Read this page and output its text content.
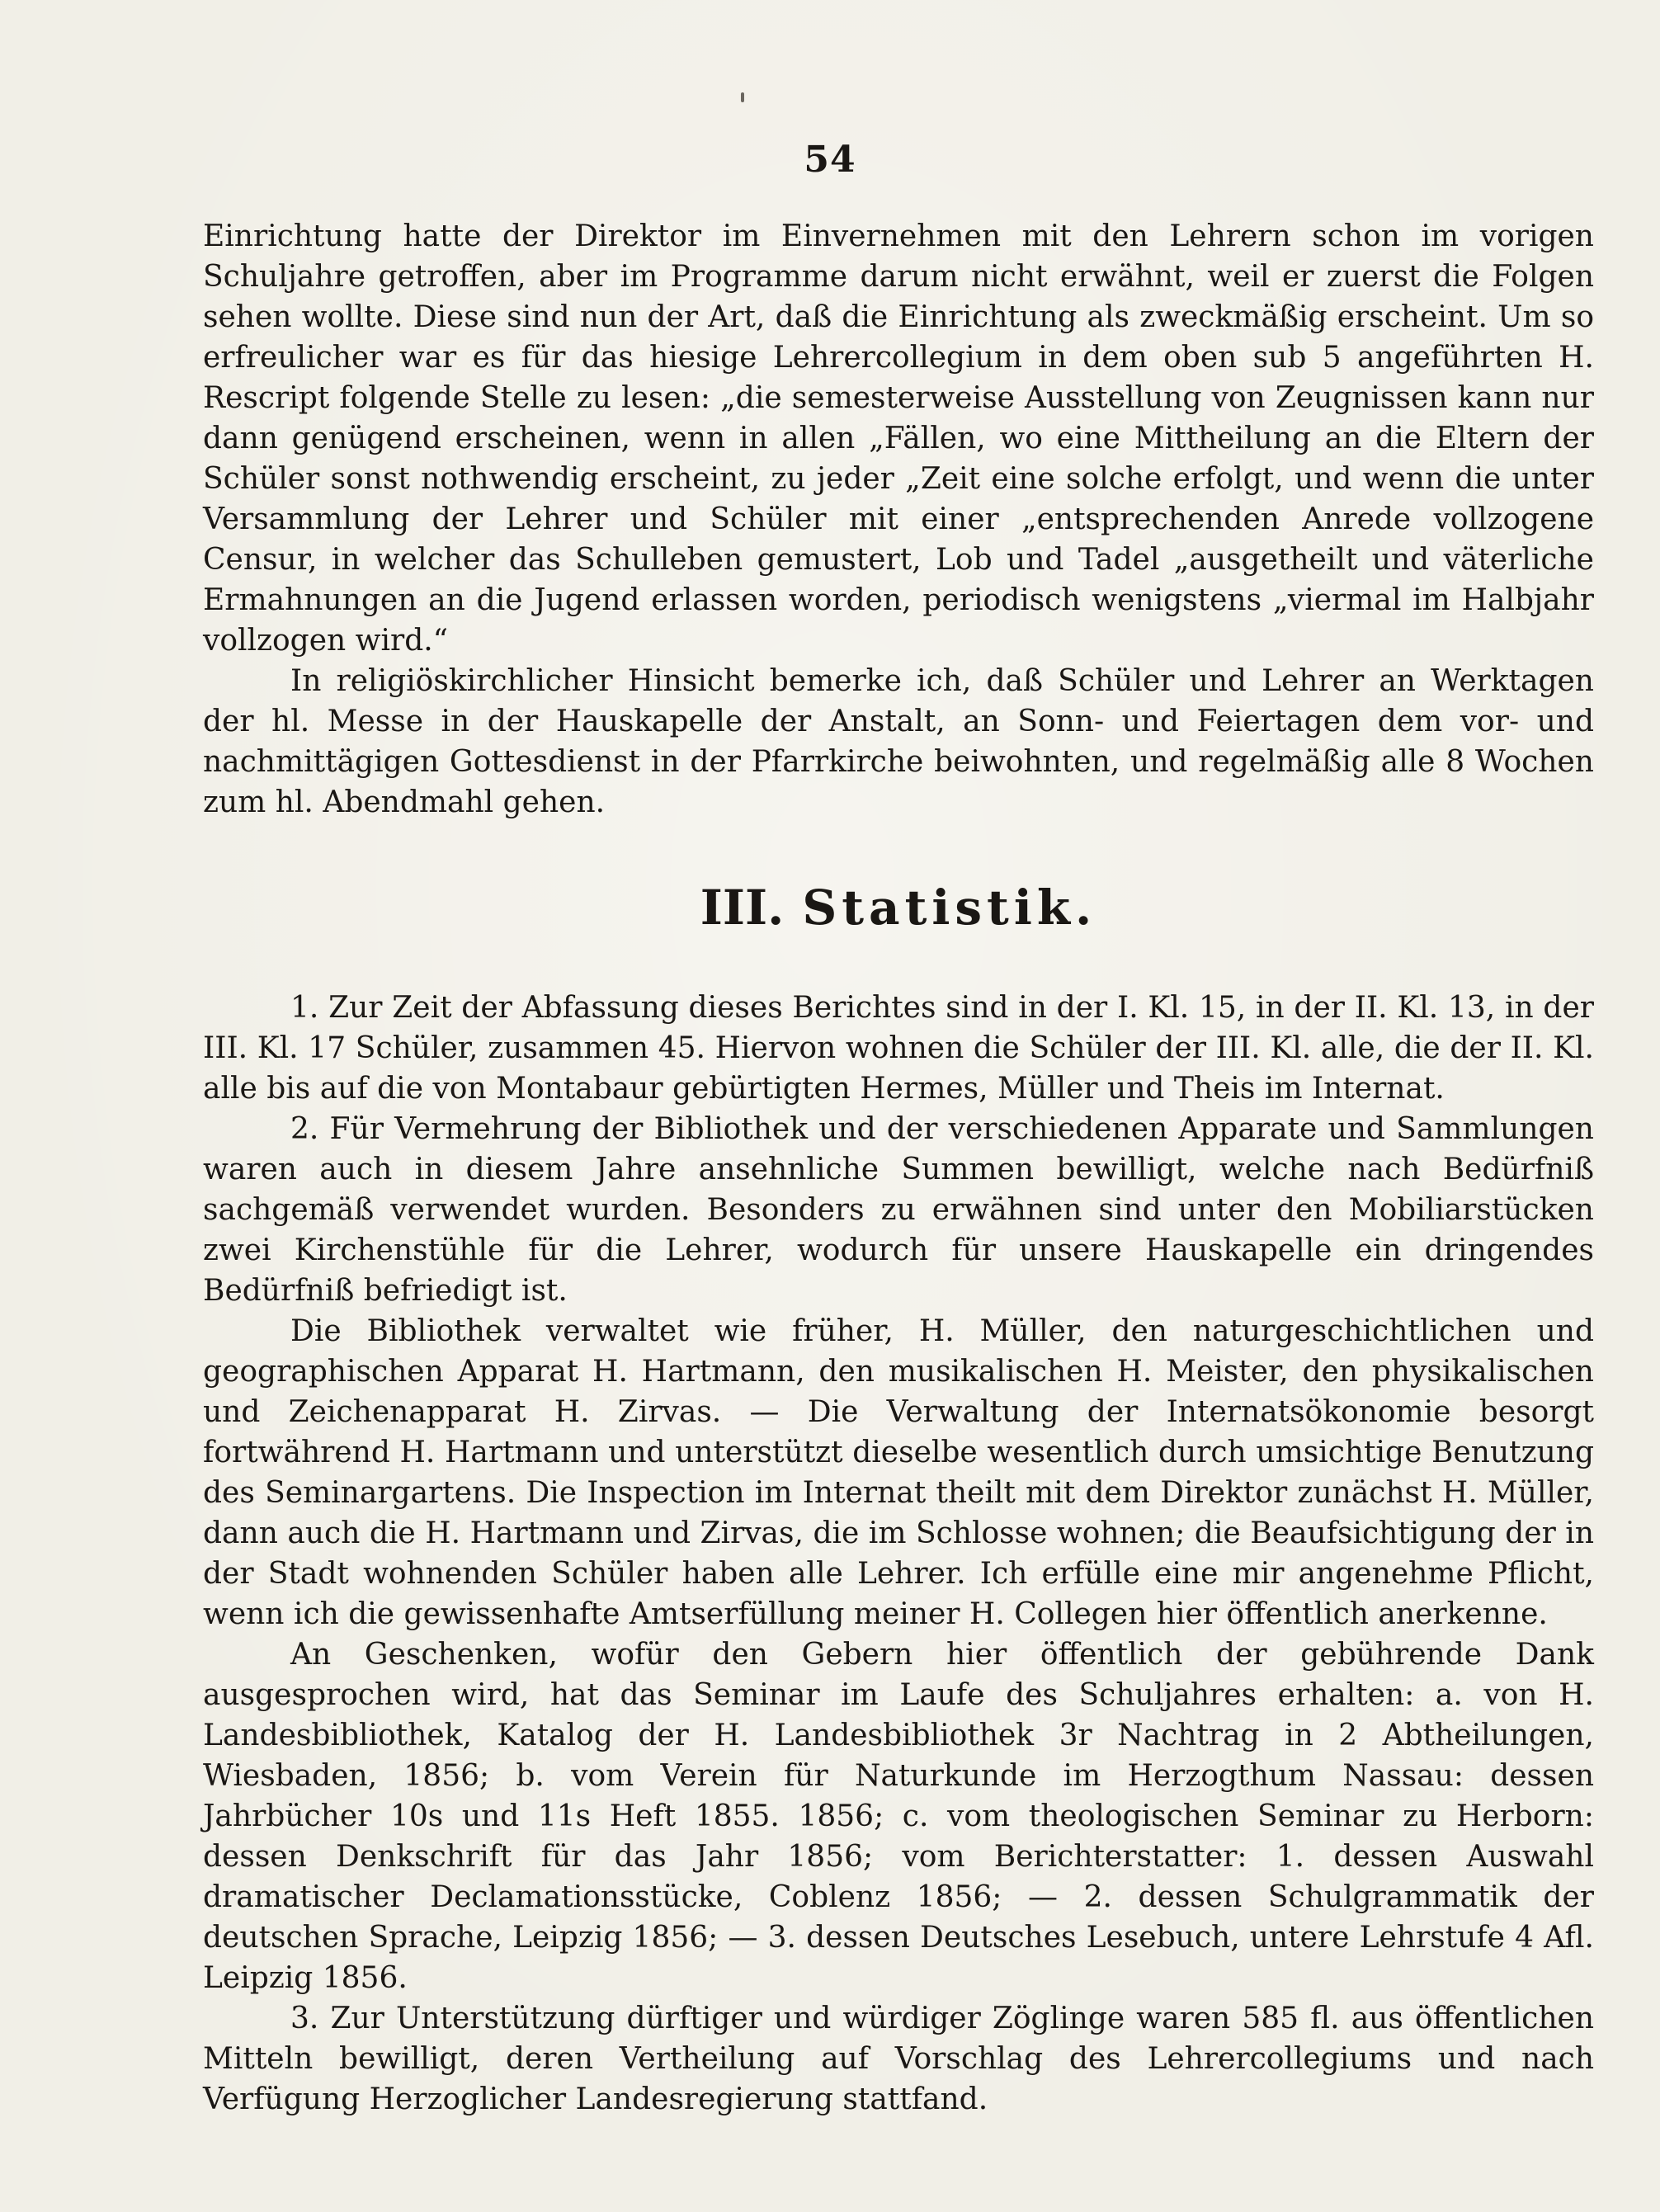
54

Einrichtung hatte der Direktor im Einvernehmen mit den Lehrern schon im vorigen Schuljahre getroffen, aber im Programme darum nicht erwähnt, weil er zuerst die Folgen sehen wollte. Diese sind nun der Art, daß die Einrichtung als zweckmäßig erscheint. Um so erfreulicher war es für das hiesige Lehrercollegium in dem oben sub 5 angeführten H. Rescript folgende Stelle zu lesen: „die semesterweise Ausstellung von Zeugnissen kann nur dann genügend erscheinen, wenn in allen „Fällen, wo eine Mittheilung an die Eltern der Schüler sonst nothwendig erscheint, zu jeder „Zeit eine solche erfolgt, und wenn die unter Versammlung der Lehrer und Schüler mit einer „entsprechenden Anrede vollzogene Censur, in welcher das Schulleben gemustert, Lob und Tadel „ausgetheilt und väterliche Ermahnungen an die Jugend erlassen worden, periodisch wenigstens „viermal im Halbjahr vollzogen wird.“

In religiöskirchlicher Hinsicht bemerke ich, daß Schüler und Lehrer an Werktagen der hl. Messe in der Hauskapelle der Anstalt, an Sonn- und Feiertagen dem vor- und nachmittägigen Gottesdienst in der Pfarrkirche beiwohnten, und regelmäßig alle 8 Wochen zum hl. Abendmahl gehen.

III. Statistik.

1. Zur Zeit der Abfassung dieses Berichtes sind in der I. Kl. 15, in der II. Kl. 13, in der III. Kl. 17 Schüler, zusammen 45. Hiervon wohnen die Schüler der III. Kl. alle, die der II. Kl. alle bis auf die von Montabaur gebürtigten Hermes, Müller und Theis im Internat.

2. Für Vermehrung der Bibliothek und der verschiedenen Apparate und Sammlungen waren auch in diesem Jahre ansehnliche Summen bewilligt, welche nach Bedürfniß sachgemäß verwendet wurden. Besonders zu erwähnen sind unter den Mobiliarstücken zwei Kirchenstühle für die Lehrer, wodurch für unsere Hauskapelle ein dringendes Bedürfniß befriedigt ist.

Die Bibliothek verwaltet wie früher, H. Müller, den naturgeschichtlichen und geographischen Apparat H. Hartmann, den musikalischen H. Meister, den physikalischen und Zeichenapparat H. Zirvas. — Die Verwaltung der Internatsökonomie besorgt fortwährend H. Hartmann und unterstützt dieselbe wesentlich durch umsichtige Benutzung des Seminargartens. Die Inspection im Internat theilt mit dem Direktor zunächst H. Müller, dann auch die H. Hartmann und Zirvas, die im Schlosse wohnen; die Beaufsichtigung der in der Stadt wohnenden Schüler haben alle Lehrer. Ich erfülle eine mir angenehme Pflicht, wenn ich die gewissenhafte Amtserfüllung meiner H. Collegen hier öffentlich anerkenne.

An Geschenken, wofür den Gebern hier öffentlich der gebührende Dank ausgesprochen wird, hat das Seminar im Laufe des Schuljahres erhalten: a. von H. Landesbibliothek, Katalog der H. Landesbibliothek 3r Nachtrag in 2 Abtheilungen, Wiesbaden, 1856; b. vom Verein für Naturkunde im Herzogthum Nassau: dessen Jahrbücher 10s und 11s Heft 1855. 1856; c. vom theologischen Seminar zu Herborn: dessen Denkschrift für das Jahr 1856; vom Berichterstatter: 1. dessen Auswahl dramatischer Declamationsstücke, Coblenz 1856; — 2. dessen Schulgrammatik der deutschen Sprache, Leipzig 1856; — 3. dessen Deutsches Lesebuch, untere Lehrstufe 4 Afl. Leipzig 1856.

3. Zur Unterstützung dürftiger und würdiger Zöglinge waren 585 fl. aus öffentlichen Mitteln bewilligt, deren Vertheilung auf Vorschlag des Lehrercollegiums und nach Verfügung Herzoglicher Landesregierung stattfand.
